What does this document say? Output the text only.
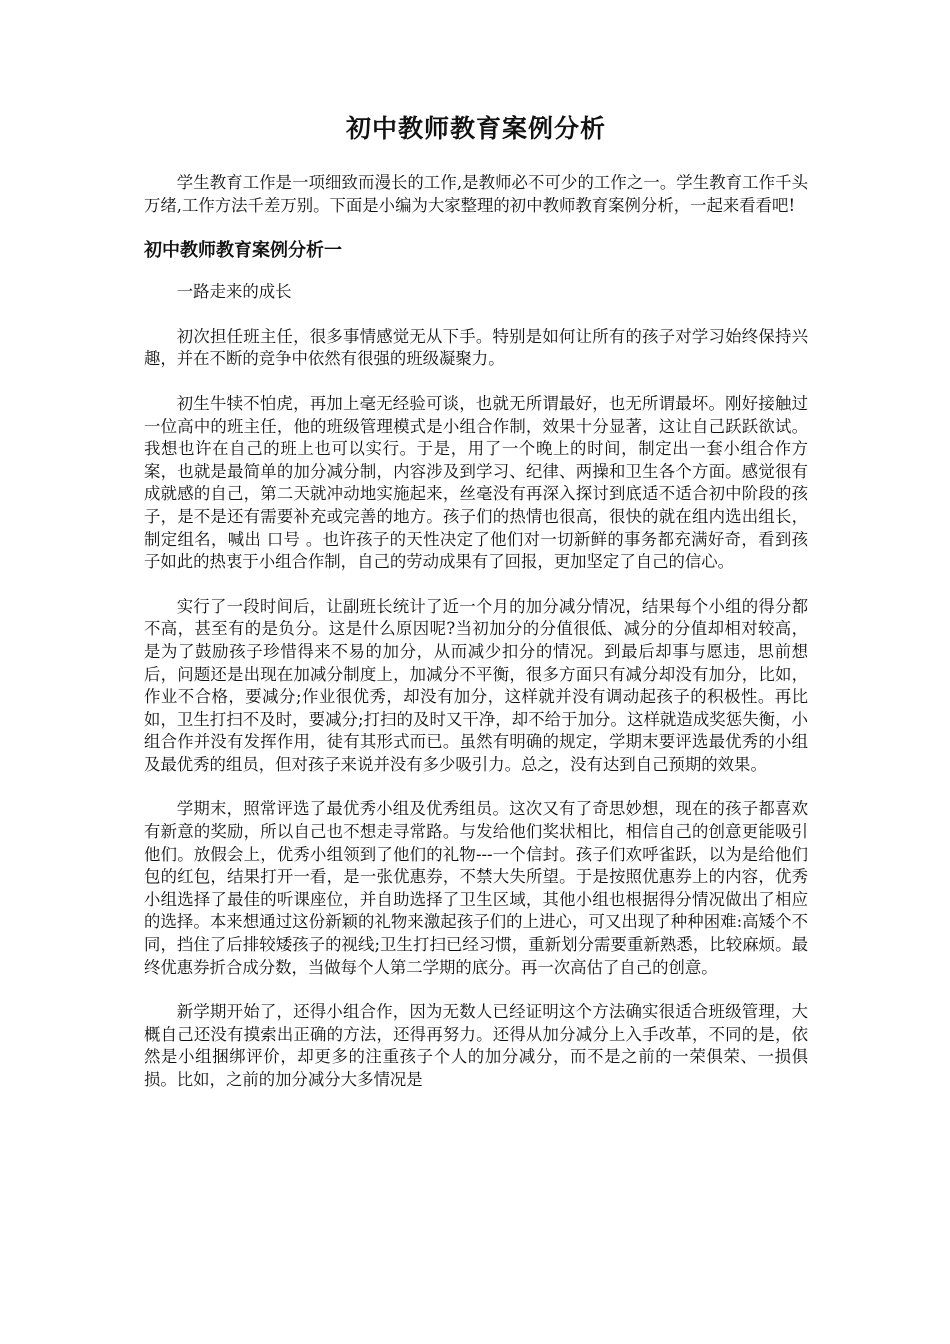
初中教师教育案例分析

学生教育工作是一项细致而漫长的工作,是教师必不可少的工作之一。学生教育工作千头万绪,工作方法千差万别。下面是小编为大家整理的初中教师教育案例分析，一起来看看吧!

初中教师教育案例分析一

一路走来的成长

初次担任班主任，很多事情感觉无从下手。特别是如何让所有的孩子对学习始终保持兴趣，并在不断的竞争中依然有很强的班级凝聚力。

初生牛犊不怕虎，再加上毫无经验可谈，也就无所谓最好，也无所谓最坏。刚好接触过一位高中的班主任，他的班级管理模式是小组合作制，效果十分显著，这让自己跃跃欲试。我想也许在自己的班上也可以实行。于是，用了一个晚上的时间，制定出一套小组合作方案，也就是最简单的加分减分制，内容涉及到学习、纪律、两操和卫生各个方面。感觉很有成就感的自己，第二天就冲动地实施起来，丝毫没有再深入探讨到底适不适合初中阶段的孩子，是不是还有需要补充或完善的地方。孩子们的热情也很高，很快的就在组内选出组长，制定组名，喊出 口号 。也许孩子的天性决定了他们对一切新鲜的事务都充满好奇，看到孩子如此的热衷于小组合作制，自己的劳动成果有了回报，更加坚定了自己的信心。

实行了一段时间后，让副班长统计了近一个月的加分减分情况，结果每个小组的得分都不高，甚至有的是负分。这是什么原因呢?当初加分的分值很低、减分的分值却相对较高，是为了鼓励孩子珍惜得来不易的加分，从而减少扣分的情况。到最后却事与愿违，思前想后，问题还是出现在加减分制度上，加减分不平衡，很多方面只有减分却没有加分，比如，作业不合格，要减分;作业很优秀，却没有加分，这样就并没有调动起孩子的积极性。再比如，卫生打扫不及时，要减分;打扫的及时又干净，却不给于加分。这样就造成奖惩失衡，小组合作并没有发挥作用，徒有其形式而已。虽然有明确的规定，学期末要评选最优秀的小组及最优秀的组员，但对孩子来说并没有多少吸引力。总之，没有达到自己预期的效果。

学期末，照常评选了最优秀小组及优秀组员。这次又有了奇思妙想，现在的孩子都喜欢有新意的奖励，所以自己也不想走寻常路。与发给他们奖状相比，相信自己的创意更能吸引他们。放假会上，优秀小组领到了他们的礼物---一个信封。孩子们欢呼雀跃，以为是给他们包的红包，结果打开一看，是一张优惠券，不禁大失所望。于是按照优惠券上的内容，优秀小组选择了最佳的听课座位，并自助选择了卫生区域，其他小组也根据得分情况做出了相应的选择。本来想通过这份新颖的礼物来激起孩子们的上进心，可又出现了种种困难:高矮个不同，挡住了后排较矮孩子的视线;卫生打扫已经习惯，重新划分需要重新熟悉，比较麻烦。最终优惠券折合成分数，当做每个人第二学期的底分。再一次高估了自己的创意。

新学期开始了，还得小组合作，因为无数人已经证明这个方法确实很适合班级管理，大概自己还没有摸索出正确的方法，还得再努力。还得从加分减分上入手改革，不同的是，依然是小组捆绑评价，却更多的注重孩子个人的加分减分，而不是之前的一荣俱荣、一损俱损。比如，之前的加分减分大多情况是
